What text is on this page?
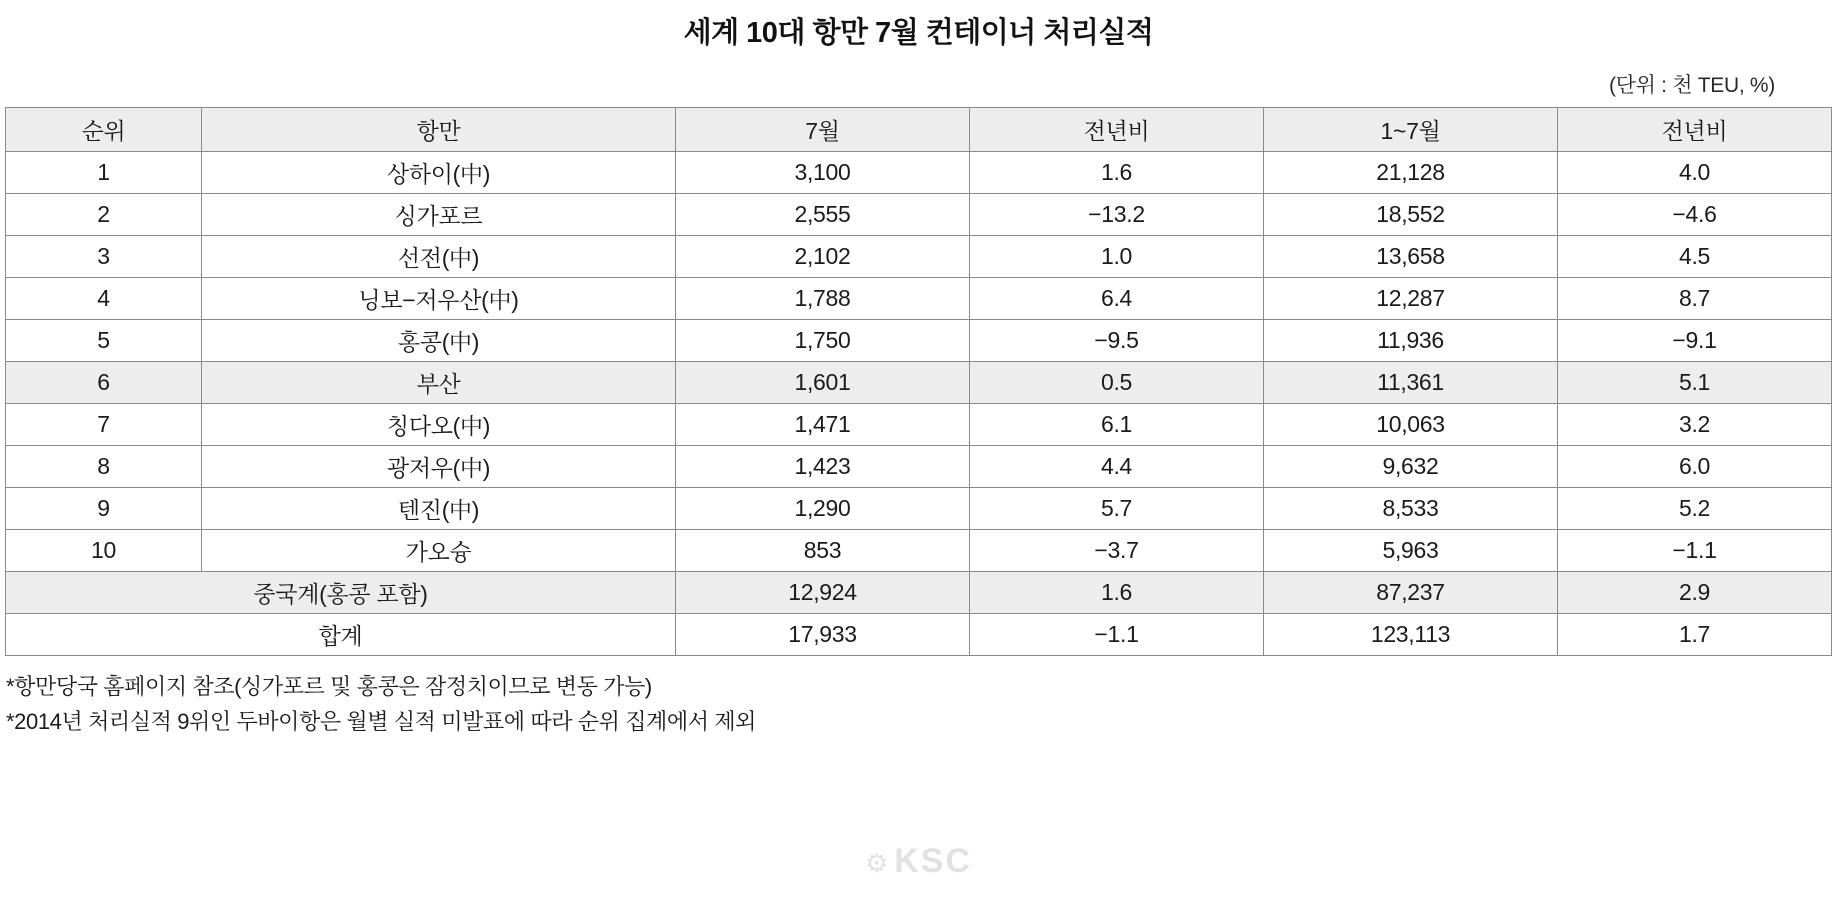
세계 10대 항만 7월 컨테이너 처리실적
(단위 : 천 TEU, %)
순위	항만	7월	전년비	1~7월	전년비
1	상하이(中)	3,100	1.6	21,128	4.0
2	싱가포르	2,555	−13.2	18,552	−4.6
3	선전(中)	2,102	1.0	13,658	4.5
4	닝보−저우산(中)	1,788	6.4	12,287	8.7
5	홍콩(中)	1,750	−9.5	11,936	−9.1
6	부산	1,601	0.5	11,361	5.1
7	칭다오(中)	1,471	6.1	10,063	3.2
8	광저우(中)	1,423	4.4	9,632	6.0
9	텐진(中)	1,290	5.7	8,533	5.2
10	가오슝	853	−3.7	5,963	−1.1
중국계(홍콩 포함)		12,924	1.6	87,237	2.9
합계		17,933	−1.1	123,113	1.7
*항만당국 홈페이지 참조(싱가포르 및 홍콩은 잠정치이므로 변동 가능)
*2014년 처리실적 9위인 두바이항은 월별 실적 미발표에 따라 순위 집계에서 제외
⚙ KSC
